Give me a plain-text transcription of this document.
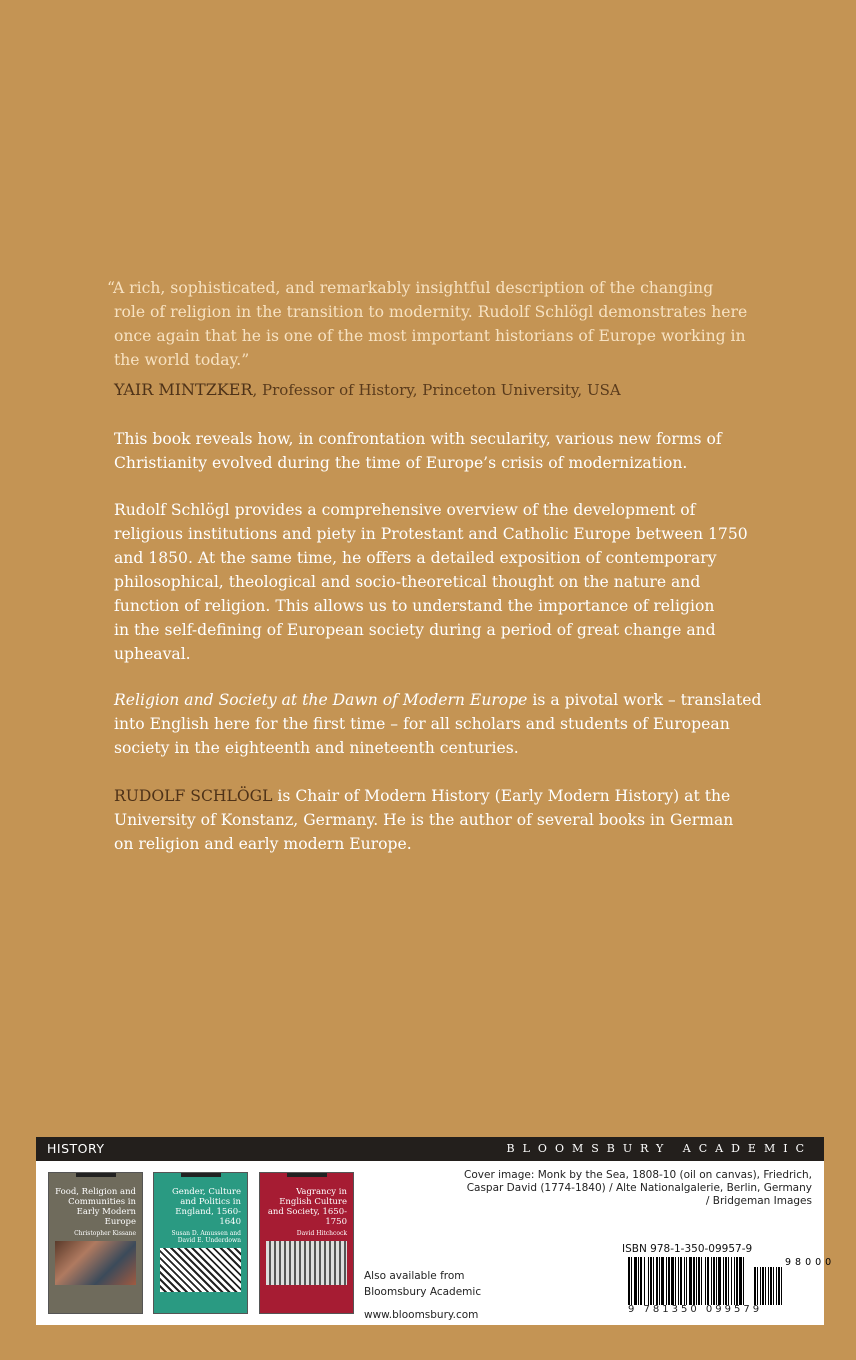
“A rich, sophisticated, and remarkably insightful description of the changing
role of religion in the transition to modernity. Rudolf Schlögl demonstrates here
once again that he is one of the most important historians of Europe working in
the world today.”
YAIR MINTZKER, Professor of History, Princeton University, USA
This book reveals how, in confrontation with secularity, various new forms of
Christianity evolved during the time of Europe’s crisis of modernization.
Rudolf Schlögl provides a comprehensive overview of the development of
religious institutions and piety in Protestant and Catholic Europe between 1750
and 1850. At the same time, he offers a detailed exposition of contemporary
philosophical, theological and socio-theoretical thought on the nature and
function of religion. This allows us to understand the importance of religion
in the self-defining of European society during a period of great change and
upheaval.
Religion and Society at the Dawn of Modern Europe is a pivotal work – translated
into English here for the first time – for all scholars and students of European
society in the eighteenth and nineteenth centuries.
RUDOLF SCHLÖGL is Chair of Modern History (Early Modern History) at the
University of Konstanz, Germany. He is the author of several books in German
on religion and early modern Europe.
HISTORY	BLOOMSBURY ACADEMIC
Food, Religion and Communities in Early Modern Europe
Christopher Kissane
Gender, Culture and Politics in England, 1560-1640
Susan D. Amussen and David E. Underdown
Vagrancy in English Culture and Society, 1650-1750
David Hitchcock
Also available from
Bloomsbury Academic
www.bloomsbury.com
Cover image: Monk by the Sea, 1808-10 (oil on canvas), Friedrich,
Caspar David (1774-1840) / Alte Nationalgalerie, Berlin, Germany
/ Bridgeman Images
ISBN 978-1-350-09957-9
9 781350 099579
98000
